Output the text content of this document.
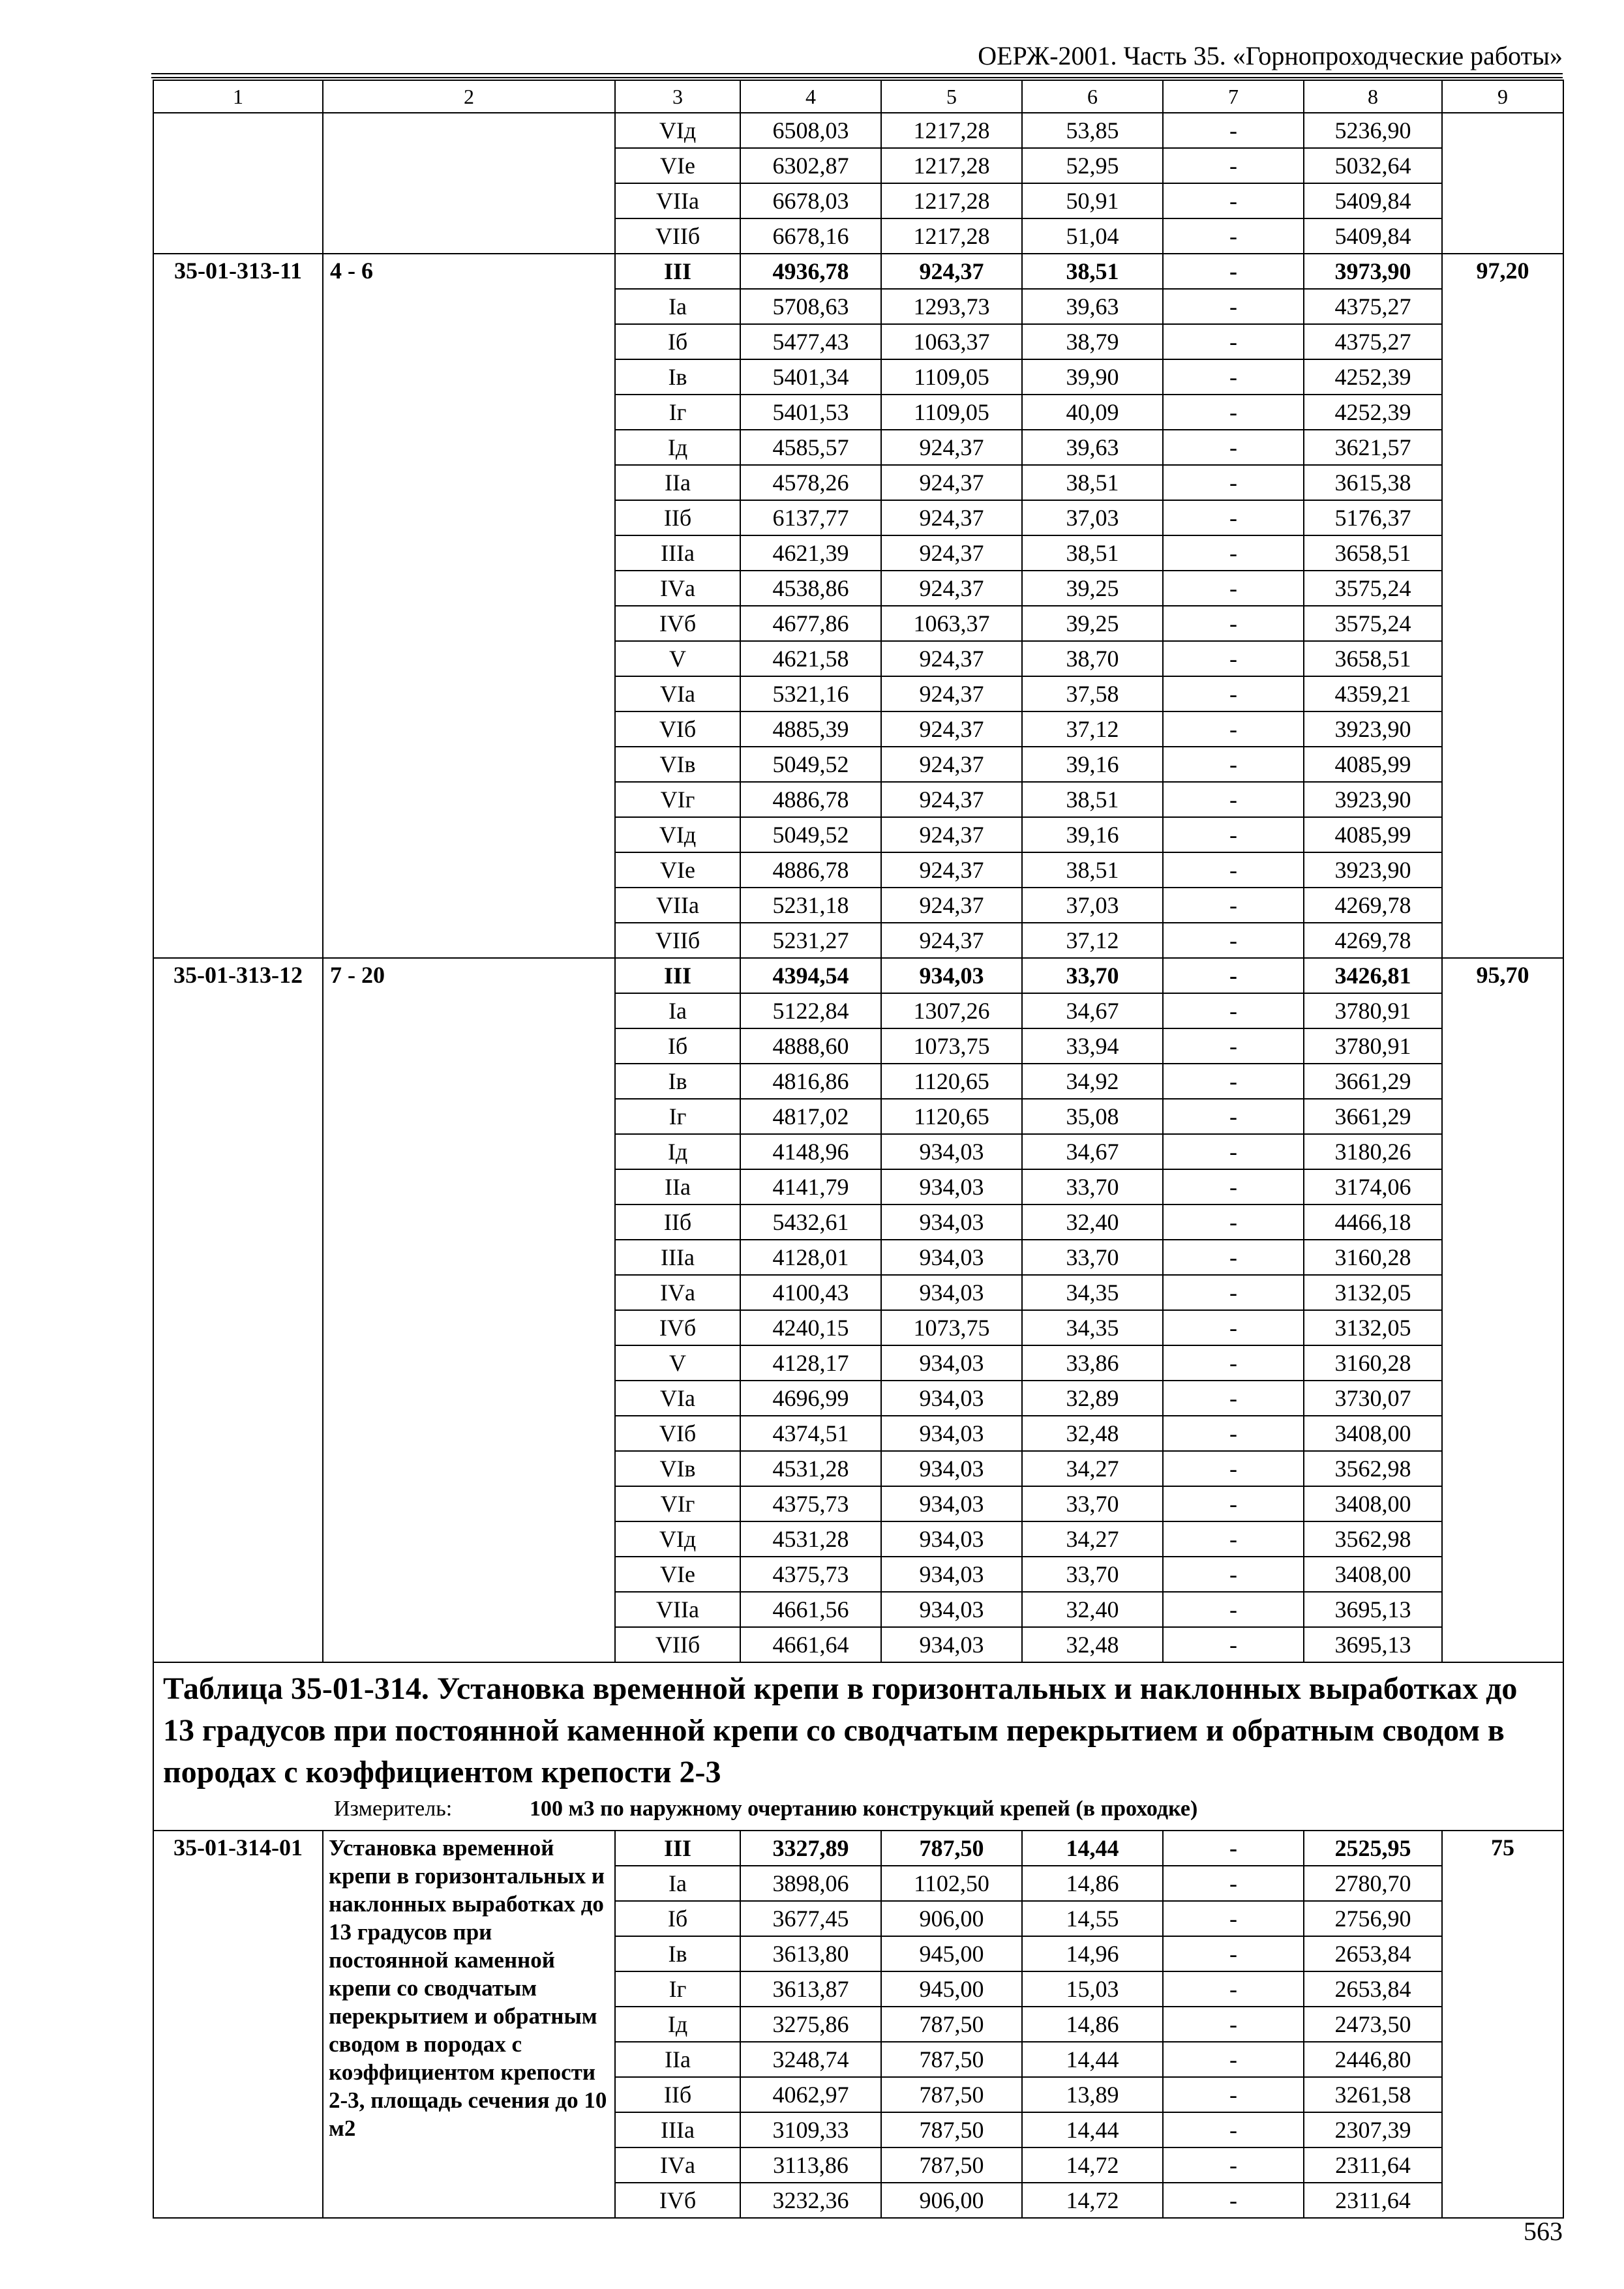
ОЕРЖ-2001. Часть 35. «Горнопроходческие работы»
1	2	3	4	5	6	7	8	9
		VIд	6508,03	1217,28	53,85	-	5236,90	
		VIе	6302,87	1217,28	52,95	-	5032,64	
		VIIа	6678,03	1217,28	50,91	-	5409,84	
		VIIб	6678,16	1217,28	51,04	-	5409,84	
35-01-313-11	4 - 6	III	4936,78	924,37	38,51	-	3973,90	97,20
		Iа	5708,63	1293,73	39,63	-	4375,27	
		Iб	5477,43	1063,37	38,79	-	4375,27	
		Iв	5401,34	1109,05	39,90	-	4252,39	
		Iг	5401,53	1109,05	40,09	-	4252,39	
		Iд	4585,57	924,37	39,63	-	3621,57	
		IIа	4578,26	924,37	38,51	-	3615,38	
		IIб	6137,77	924,37	37,03	-	5176,37	
		IIIа	4621,39	924,37	38,51	-	3658,51	
		IVа	4538,86	924,37	39,25	-	3575,24	
		IVб	4677,86	1063,37	39,25	-	3575,24	
		V	4621,58	924,37	38,70	-	3658,51	
		VIа	5321,16	924,37	37,58	-	4359,21	
		VIб	4885,39	924,37	37,12	-	3923,90	
		VIв	5049,52	924,37	39,16	-	4085,99	
		VIг	4886,78	924,37	38,51	-	3923,90	
		VIд	5049,52	924,37	39,16	-	4085,99	
		VIе	4886,78	924,37	38,51	-	3923,90	
		VIIа	5231,18	924,37	37,03	-	4269,78	
		VIIб	5231,27	924,37	37,12	-	4269,78	
35-01-313-12	7 - 20	III	4394,54	934,03	33,70	-	3426,81	95,70
		Iа	5122,84	1307,26	34,67	-	3780,91	
		Iб	4888,60	1073,75	33,94	-	3780,91	
		Iв	4816,86	1120,65	34,92	-	3661,29	
		Iг	4817,02	1120,65	35,08	-	3661,29	
		Iд	4148,96	934,03	34,67	-	3180,26	
		IIа	4141,79	934,03	33,70	-	3174,06	
		IIб	5432,61	934,03	32,40	-	4466,18	
		IIIа	4128,01	934,03	33,70	-	3160,28	
		IVа	4100,43	934,03	34,35	-	3132,05	
		IVб	4240,15	1073,75	34,35	-	3132,05	
		V	4128,17	934,03	33,86	-	3160,28	
		VIа	4696,99	934,03	32,89	-	3730,07	
		VIб	4374,51	934,03	32,48	-	3408,00	
		VIв	4531,28	934,03	34,27	-	3562,98	
		VIг	4375,73	934,03	33,70	-	3408,00	
		VIд	4531,28	934,03	34,27	-	3562,98	
		VIе	4375,73	934,03	33,70	-	3408,00	
		VIIа	4661,56	934,03	32,40	-	3695,13	
		VIIб	4661,64	934,03	32,48	-	3695,13	

Таблица 35-01-314. Установка временной крепи в горизонтальных и наклонных выработках до 13 градусов при постоянной каменной крепи со сводчатым перекрытием и обратным сводом в породах с коэффициентом крепости 2-3
Измеритель: 100 м3 по наружному очертанию конструкций крепей (в проходке)								

35-01-314-01	Установка временной крепи в горизонтальных и наклонных выработках до 13 градусов при постоянной каменной крепи со сводчатым перекрытием и обратным сводом в породах с коэффициентом крепости 2-3, площадь сечения до 10 м2	III	3327,89	787,50	14,44	-	2525,95	75
		Iа	3898,06	1102,50	14,86	-	2780,70	
		Iб	3677,45	906,00	14,55	-	2756,90	
		Iв	3613,80	945,00	14,96	-	2653,84	
		Iг	3613,87	945,00	15,03	-	2653,84	
		Iд	3275,86	787,50	14,86	-	2473,50	
		IIа	3248,74	787,50	14,44	-	2446,80	
		IIб	4062,97	787,50	13,89	-	3261,58	
		IIIа	3109,33	787,50	14,44	-	2307,39	
		IVа	3113,86	787,50	14,72	-	2311,64	
		IVб	3232,36	906,00	14,72	-	2311,64	
563
